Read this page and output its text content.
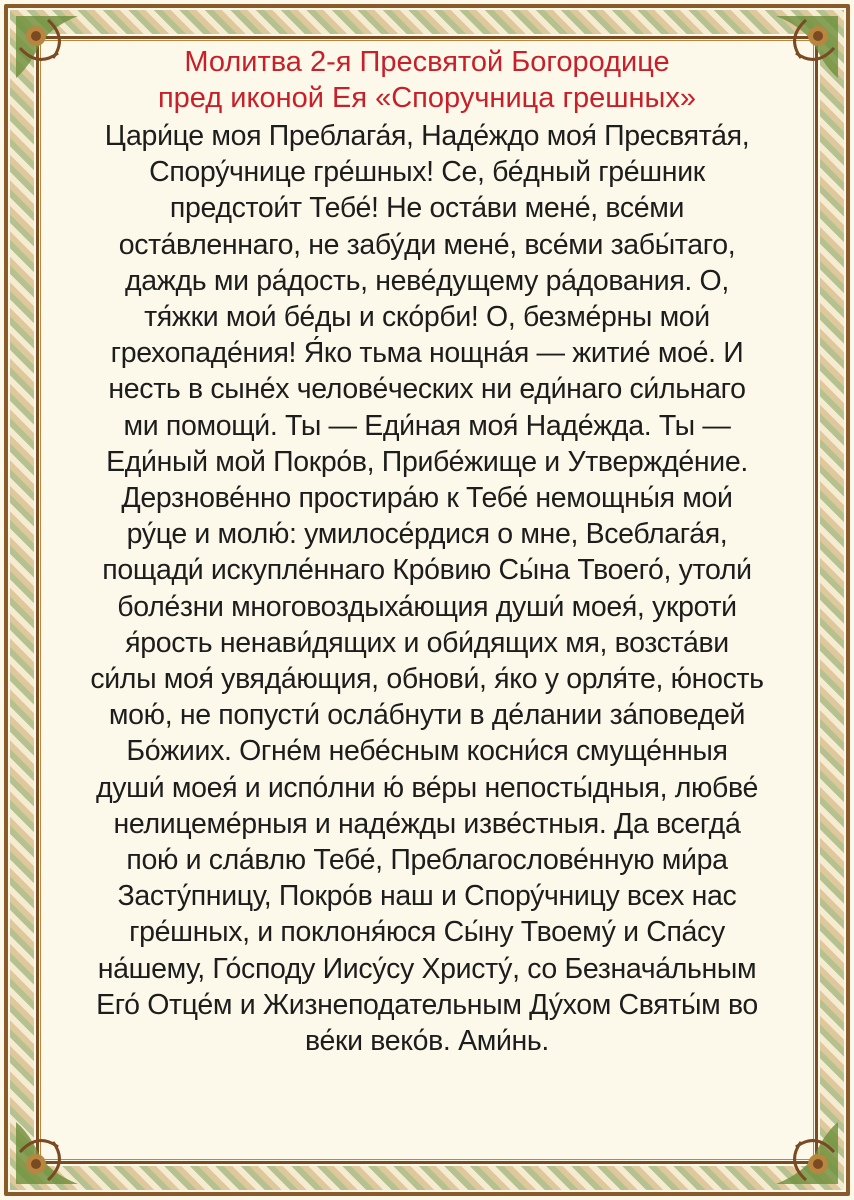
Молитва 2-я Пресвятой Богородице
пред иконой Ея «Споручница грешных»
Цари́це моя Преблага́я, Наде́ждо моя́ Пресвята́я,
Спору́чнице гре́шных! Се, бе́дный гре́шник
предстои́т Тебе́! Не оста́ви мене́, все́ми
оста́вленнаго, не забу́ди мене́, все́ми забы́таго,
даждь ми ра́дость, неве́дущему ра́дования. О,
тя́жки мои́ бе́ды и ско́рби! О, безме́рны мои́
грехопаде́ния! Я́ко тьма нощна́я — житие́ мое́. И
несть в сыне́х челове́ческих ни еди́наго си́льнаго
ми помощи́. Ты — Еди́ная моя́ Наде́жда. Ты —
Еди́ный мой Покро́в, Прибе́жище и Утвержде́ние.
Дерзнове́нно простира́ю к Тебе́ немощны́я мои́
ру́це и молю́: умилосе́рдися о мне, Всеблага́я,
пощади́ искупле́ннаго Кро́вию Сы́на Твоего́, утоли́
боле́зни многовоздыха́ющия души́ моея́, укроти́
я́рость ненави́дящих и оби́дящих мя, возста́ви
си́лы моя́ увяда́ющия, обнови́, я́ко у орля́те, ю́ность
мою́, не попусти́ осла́бнути в де́лании за́поведей
Бо́жиих. Огне́м небе́сным косни́ся смуще́нныя
души́ моея́ и испо́лни ю́ ве́ры непосты́дныя, любве́
нелицеме́рныя и наде́жды изве́стныя. Да всегда́
пою́ и сла́влю Тебе́, Преблагослове́нную ми́ра
Засту́пницу, Покро́в наш и Спору́чницу всех нас
гре́шных, и поклоня́юся Сы́ну Твоему́ и Спа́су
на́шему, Го́споду Иису́су Христу́, со Безнача́льным
Его́ Отце́м и Жизнеподательным Ду́хом Святы́м во
ве́ки веко́в. Ами́нь.
